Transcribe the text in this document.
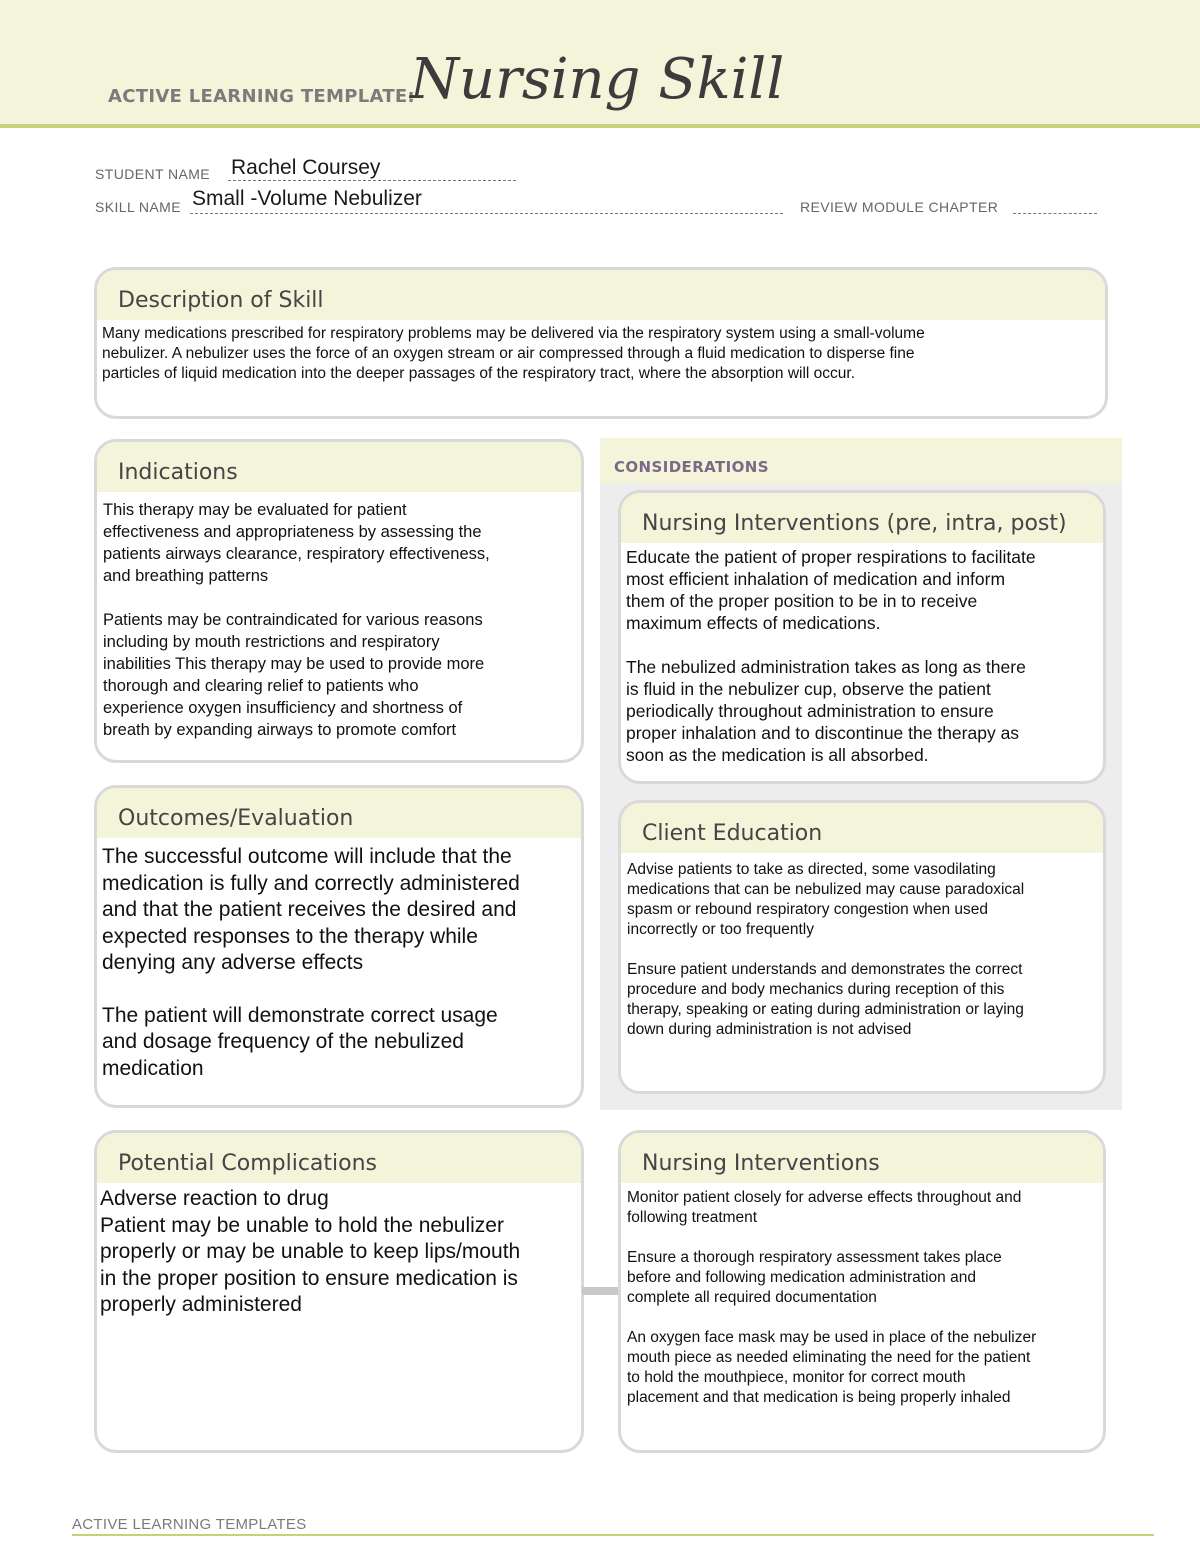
ACTIVE LEARNING TEMPLATE:
Nursing Skill
STUDENT NAME Rachel Coursey
SKILL NAME Small -Volume Nebulizer	REVIEW MODULE CHAPTER
Description of Skill
Many medications prescribed for respiratory problems may be delivered via the respiratory system using a small-volume
nebulizer. A nebulizer uses the force of an oxygen stream or air compressed through a fluid medication to disperse fine
particles of liquid medication into the deeper passages of the respiratory tract, where the absorption will occur.
Indications
This therapy may be evaluated for patient
effectiveness and appropriateness by assessing the
patients airways clearance, respiratory effectiveness,
and breathing patterns
Patients may be contraindicated for various reasons
including by mouth restrictions and respiratory
inabilities This therapy may be used to provide more
thorough and clearing relief to patients who
experience oxygen insufficiency and shortness of
breath by expanding airways to promote comfort
Outcomes/Evaluation
The successful outcome will include that the
medication is fully and correctly administered
and that the patient receives the desired and
expected responses to the therapy while
denying any adverse effects
The patient will demonstrate correct usage
and dosage frequency of the nebulized
medication
CONSIDERATIONS
Nursing Interventions (pre, intra, post)
Educate the patient of proper respirations to facilitate
most efficient inhalation of medication and inform
them of the proper position to be in to receive
maximum effects of medications.
The nebulized administration takes as long as there
is fluid in the nebulizer cup, observe the patient
periodically throughout administration to ensure
proper inhalation and to discontinue the therapy as
soon as the medication is all absorbed.
Client Education
Advise patients to take as directed, some vasodilating
medications that can be nebulized may cause paradoxical
spasm or rebound respiratory congestion when used
incorrectly or too frequently
Ensure patient understands and demonstrates the correct
procedure and body mechanics during reception of this
therapy, speaking or eating during administration or laying
down during administration is not advised
Potential Complications
Adverse reaction to drug
Patient may be unable to hold the nebulizer
properly or may be unable to keep lips/mouth
in the proper position to ensure medication is
properly administered
Nursing Interventions
Monitor patient closely for adverse effects throughout and
following treatment
Ensure a thorough respiratory assessment takes place
before and following medication administration and
complete all required documentation
An oxygen face mask may be used in place of the nebulizer
mouth piece as needed eliminating the need for the patient
to hold the mouthpiece, monitor for correct mouth
placement and that medication is being properly inhaled
ACTIVE LEARNING TEMPLATES
